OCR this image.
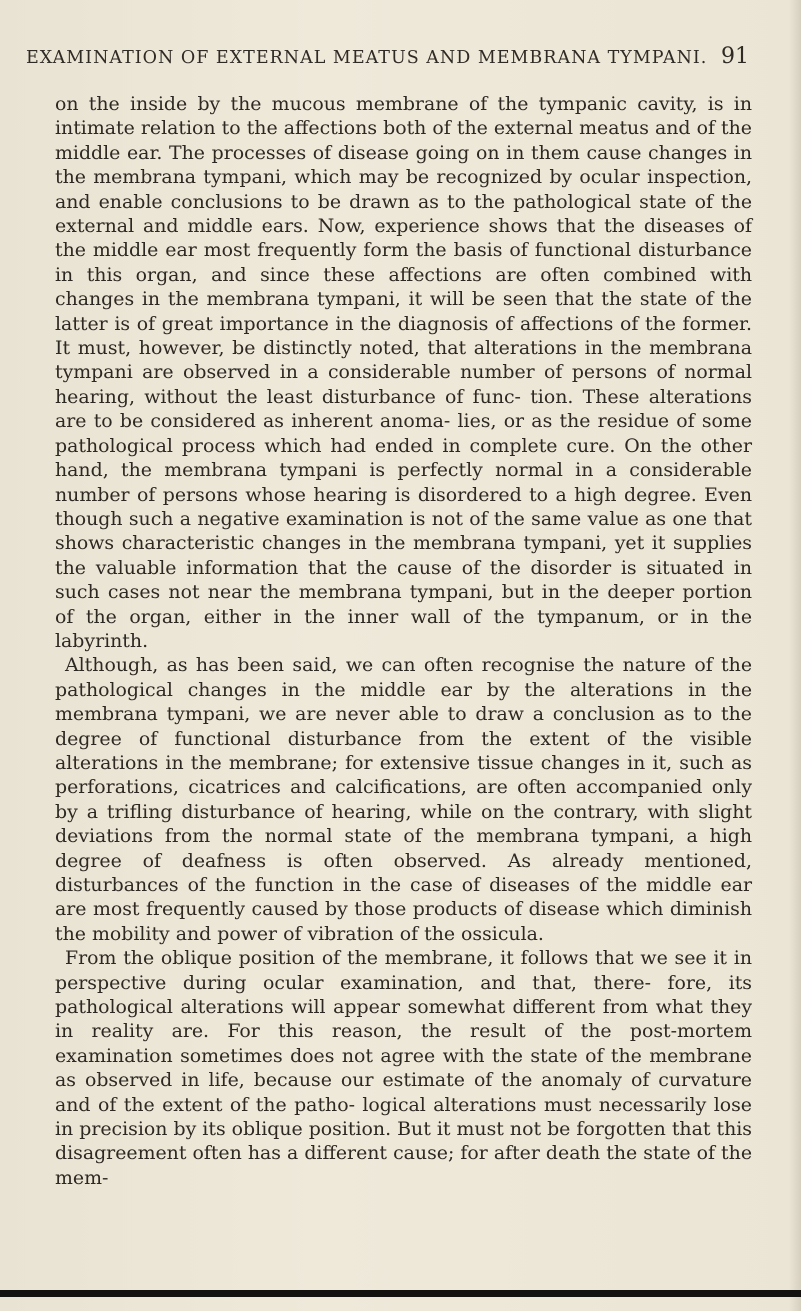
EXAMINATION OF EXTERNAL MEATUS AND MEMBRANA TYMPANI. 91

on the inside by the mucous membrane of the tympanic cavity, is in intimate relation to the affections both of the external meatus and of the middle ear. The processes of disease going on in them cause changes in the membrana tympani, which may be recognized by ocular inspection, and enable conclusions to be drawn as to the pathological state of the external and middle ears. Now, experience shows that the diseases of the middle ear most frequently form the basis of functional disturbance in this organ, and since these affections are often combined with changes in the membrana tympani, it will be seen that the state of the latter is of great importance in the diagnosis of affections of the former. It must, however, be distinctly noted, that alterations in the membrana tympani are observed in a considerable number of persons of normal hearing, without the least disturbance of func- tion. These alterations are to be considered as inherent anoma- lies, or as the residue of some pathological process which had ended in complete cure. On the other hand, the membrana tympani is perfectly normal in a considerable number of persons whose hearing is disordered to a high degree. Even though such a negative examination is not of the same value as one that shows characteristic changes in the membrana tympani, yet it supplies the valuable information that the cause of the disorder is situated in such cases not near the membrana tympani, but in the deeper portion of the organ, either in the inner wall of the tympanum, or in the labyrinth.

Although, as has been said, we can often recognise the nature of the pathological changes in the middle ear by the alterations in the membrana tympani, we are never able to draw a conclusion as to the degree of functional disturbance from the extent of the visible alterations in the membrane; for extensive tissue changes in it, such as perforations, cicatrices and calcifications, are often accompanied only by a trifling disturbance of hearing, while on the contrary, with slight deviations from the normal state of the membrana tympani, a high degree of deafness is often observed. As already mentioned, disturbances of the function in the case of diseases of the middle ear are most frequently caused by those products of disease which diminish the mobility and power of vibration of the ossicula.

From the oblique position of the membrane, it follows that we see it in perspective during ocular examination, and that, there- fore, its pathological alterations will appear somewhat different from what they in reality are. For this reason, the result of the post-mortem examination sometimes does not agree with the state of the membrane as observed in life, because our estimate of the anomaly of curvature and of the extent of the patho- logical alterations must necessarily lose in precision by its oblique position. But it must not be forgotten that this disagreement often has a different cause; for after death the state of the mem-
